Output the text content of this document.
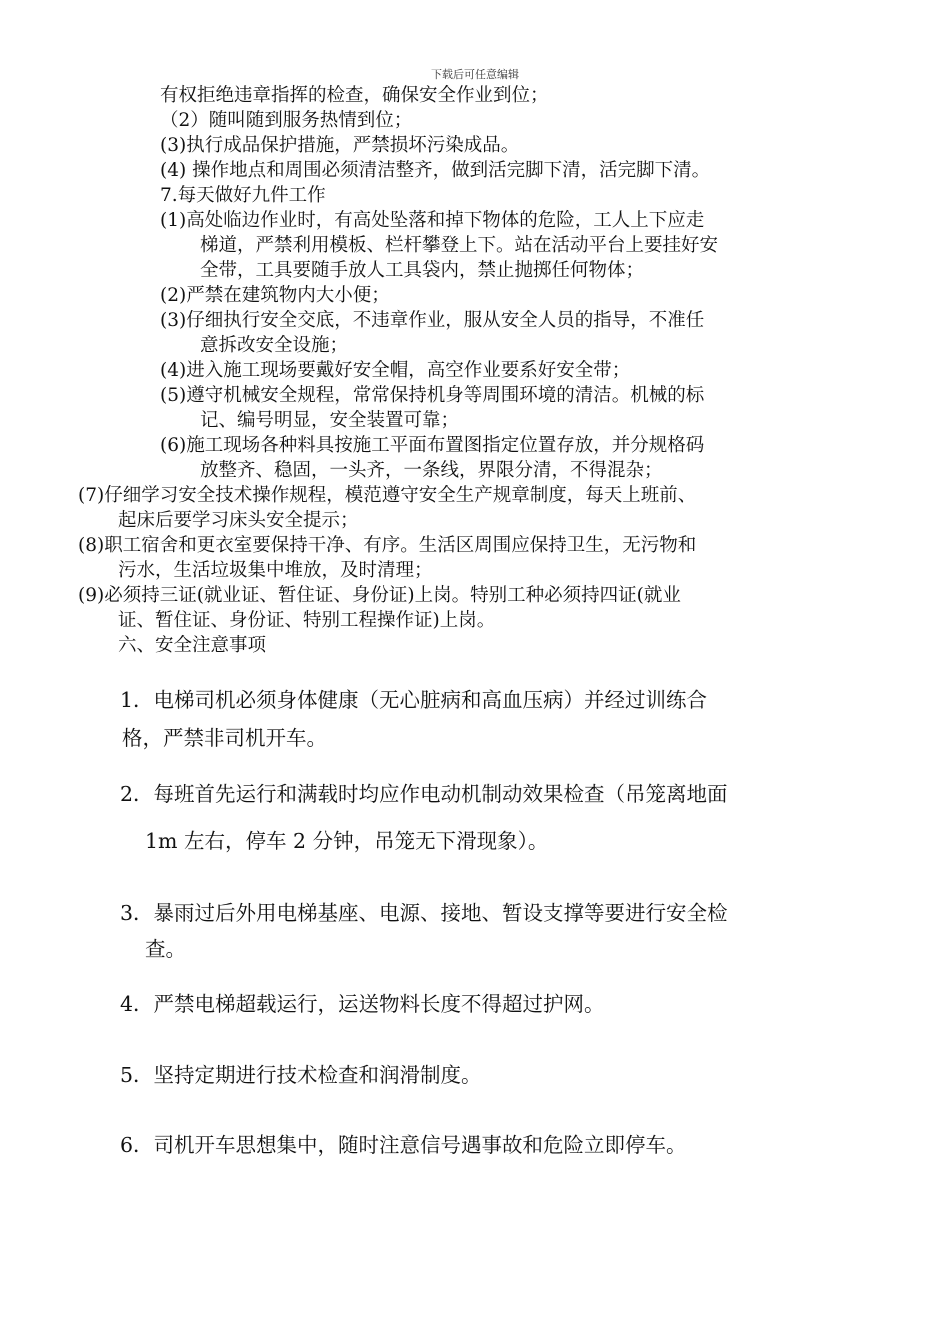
下载后可任意编辑
有权拒绝违章指挥的检查，确保安全作业到位；
（2）随叫随到服务热情到位；
(3)执行成品保护措施，严禁损坏污染成品。
(4) 操作地点和周围必须清洁整齐，做到活完脚下清，活完脚下清。
7.每天做好九件工作
(1)高处临边作业时，有高处坠落和掉下物体的危险，工人上下应走
梯道，严禁利用模板、栏杆攀登上下。站在活动平台上要挂好安
全带，工具要随手放人工具袋内，禁止抛掷任何物体；
(2)严禁在建筑物内大小便；
(3)仔细执行安全交底，不违章作业，服从安全人员的指导，不准任
意拆改安全设施；
(4)进入施工现场要戴好安全帽，高空作业要系好安全带；
(5)遵守机械安全规程，常常保持机身等周围环境的清洁。机械的标
记、编号明显，安全装置可靠；
(6)施工现场各种料具按施工平面布置图指定位置存放，并分规格码
放整齐、稳固，一头齐，一条线，界限分清，不得混杂；
(7)仔细学习安全技术操作规程，模范遵守安全生产规章制度，每天上班前、
起床后要学习床头安全提示；
(8)职工宿舍和更衣室要保持干净、有序。生活区周围应保持卫生，无污物和
污水，生活垃圾集中堆放，及时清理；
(9)必须持三证(就业证、暂住证、身份证)上岗。特别工种必须持四证(就业
证、暂住证、身份证、特别工程操作证)上岗。
六、安全注意事项
1．电梯司机必须身体健康（无心脏病和高血压病）并经过训练合
格，严禁非司机开车。
2．每班首先运行和满载时均应作电动机制动效果检查（吊笼离地面
1m 左右，停车 2 分钟，吊笼无下滑现象）。
3．暴雨过后外用电梯基座、电源、接地、暂设支撑等要进行安全检
查。
4．严禁电梯超载运行，运送物料长度不得超过护网。
5．坚持定期进行技术检查和润滑制度。
6．司机开车思想集中，随时注意信号遇事故和危险立即停车。
